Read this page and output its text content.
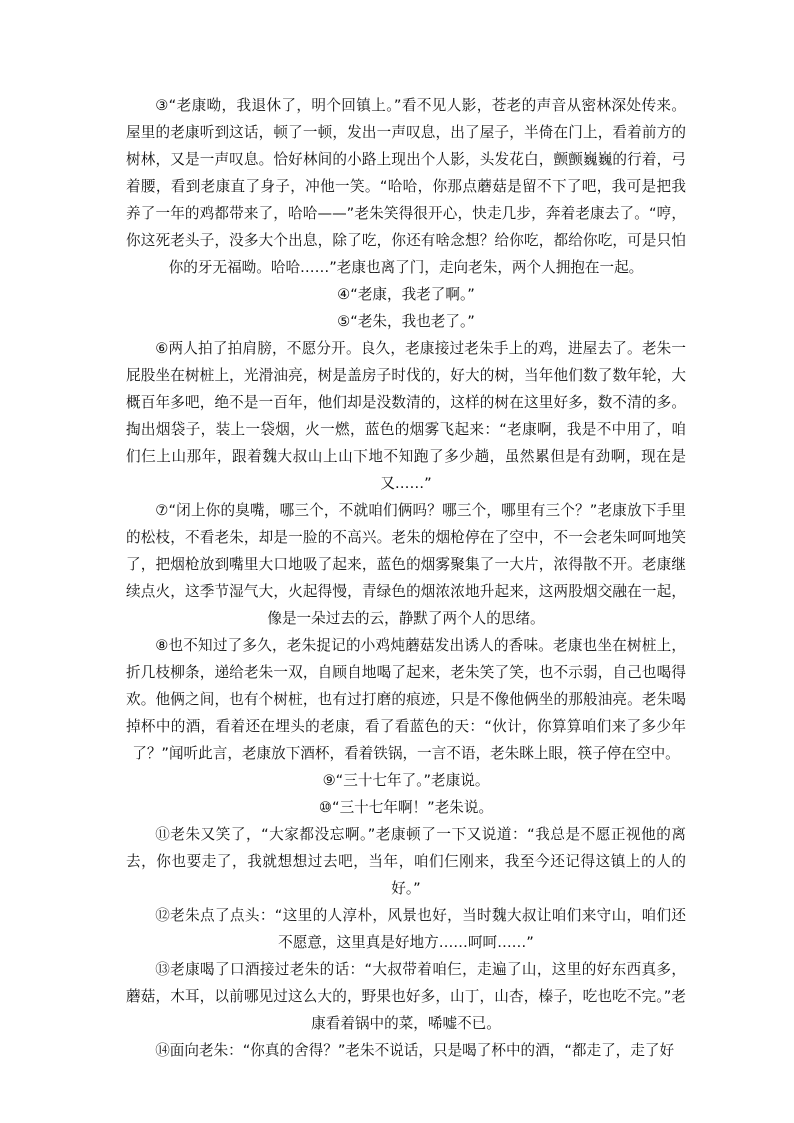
③“老康呦，我退休了，明个回镇上。”看不见人影，苍老的声音从密林深处传来。屋里的老康听到这话，顿了一顿，发出一声叹息，出了屋子，半倚在门上，看着前方的树林，又是一声叹息。恰好林间的小路上现出个人影，头发花白，颤颤巍巍的行着，弓着腰，看到老康直了身子，冲他一笑。“哈哈，你那点蘑菇是留不下了吧，我可是把我养了一年的鸡都带来了，哈哈——”老朱笑得很开心，快走几步，奔着老康去了。“哼，你这死老头子，没多大个出息，除了吃，你还有啥念想？给你吃，都给你吃，可是只怕你的牙无福呦。哈哈……”老康也离了门，走向老朱，两个人拥抱在一起。

④“老康，我老了啊。”

⑤“老朱，我也老了。”

⑥两人拍了拍肩膀，不愿分开。良久，老康接过老朱手上的鸡，进屋去了。老朱一屁股坐在树桩上，光滑油亮，树是盖房子时伐的，好大的树，当年他们数了数年轮，大概百年多吧，绝不是一百年，他们却是没数清的，这样的树在这里好多，数不清的多。掏出烟袋子，装上一袋烟，火一燃，蓝色的烟雾飞起来：“老康啊，我是不中用了，咱们仨上山那年，跟着魏大叔山上山下地不知跑了多少趟，虽然累但是有劲啊，现在是又……”

⑦“闭上你的臭嘴，哪三个，不就咱们俩吗？哪三个，哪里有三个？”老康放下手里的松枝，不看老朱，却是一脸的不高兴。老朱的烟枪停在了空中，不一会老朱呵呵地笑了，把烟枪放到嘴里大口地吸了起来，蓝色的烟雾聚集了一大片，浓得散不开。老康继续点火，这季节湿气大，火起得慢，青绿色的烟浓浓地升起来，这两股烟交融在一起，像是一朵过去的云，静默了两个人的思绪。

⑧也不知过了多久，老朱捉记的小鸡炖蘑菇发出诱人的香味。老康也坐在树桩上，折几枝柳条，递给老朱一双，自顾自地喝了起来，老朱笑了笑，也不示弱，自己也喝得欢。他俩之间，也有个树桩，也有过打磨的痕迹，只是不像他俩坐的那般油亮。老朱喝掉杯中的酒，看着还在埋头的老康，看了看蓝色的天：“伙计，你算算咱们来了多少年了？”闻听此言，老康放下酒杯，看着铁锅，一言不语，老朱眯上眼，筷子停在空中。

⑨“三十七年了。”老康说。

⑩“三十七年啊！”老朱说。

⑪老朱又笑了，“大家都没忘啊。”老康顿了一下又说道：“我总是不愿正视他的离去，你也要走了，我就想想过去吧，当年，咱们仨刚来，我至今还记得这镇上的人的好。”

⑫老朱点了点头：“这里的人淳朴，风景也好，当时魏大叔让咱们来守山，咱们还不愿意，这里真是好地方……呵呵……”

⑬老康喝了口酒接过老朱的话：“大叔带着咱仨，走遍了山，这里的好东西真多，蘑菇，木耳，以前哪见过这么大的，野果也好多，山丁，山杏，榛子，吃也吃不完。”老康看着锅中的菜，唏嘘不已。

⑭面向老朱：“你真的舍得？”老朱不说话，只是喝了杯中的酒，“都走了，走了好
